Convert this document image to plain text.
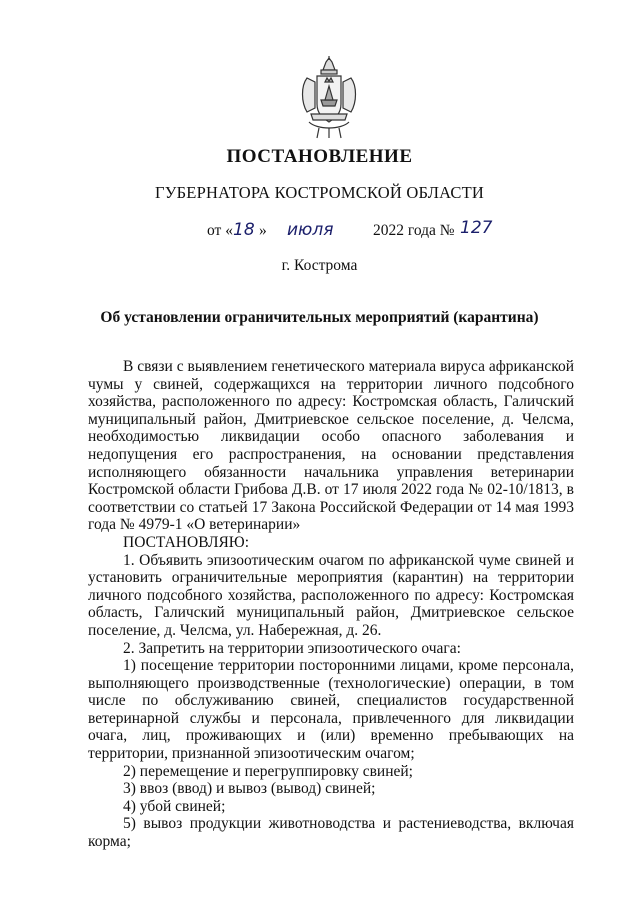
ПОСТАНОВЛЕНИЕ
ГУБЕРНАТОРА КОСТРОМСКОЙ ОБЛАСТИ
от « 18 » июля	2022 года № 127
г. Кострома
Об установлении ограничительных мероприятий (карантина)

В связи с выявлением генетического материала вируса африканской чумы у свиней, содержащихся на территории личного подсобного хозяйства, расположенного по адресу: Костромская область, Галичский муниципальный район, Дмитриевское сельское поселение, д. Челсма, необходимостью ликвидации особо опасного заболевания и недопущения его распространения, на основании представления исполняющего обязанности начальника управления ветеринарии Костромской области Грибова Д.В. от 17 июля 2022 года № 02-10/1813, в соответствии со статьей 17 Закона Российской Федерации от 14 мая 1993 года № 4979-1 «О ветеринарии»

ПОСТАНОВЛЯЮ:

1. Объявить эпизоотическим очагом по африканской чуме свиней и установить ограничительные мероприятия (карантин) на территории личного подсобного хозяйства, расположенного по адресу: Костромская область, Галичский муниципальный район, Дмитриевское сельское поселение, д. Челсма, ул. Набережная, д. 26.

2. Запретить на территории эпизоотического очага:

1) посещение территории посторонними лицами, кроме персонала, выполняющего производственные (технологические) операции, в том числе по обслуживанию свиней, специалистов государственной ветеринарной службы и персонала, привлеченного для ликвидации очага, лиц, проживающих и (или) временно пребывающих на территории, признанной эпизоотическим очагом;

2) перемещение и перегруппировку свиней;

3) ввоз (ввод) и вывоз (вывод) свиней;

4) убой свиней;

5) вывоз продукции животноводства и растениеводства, включая корма;
